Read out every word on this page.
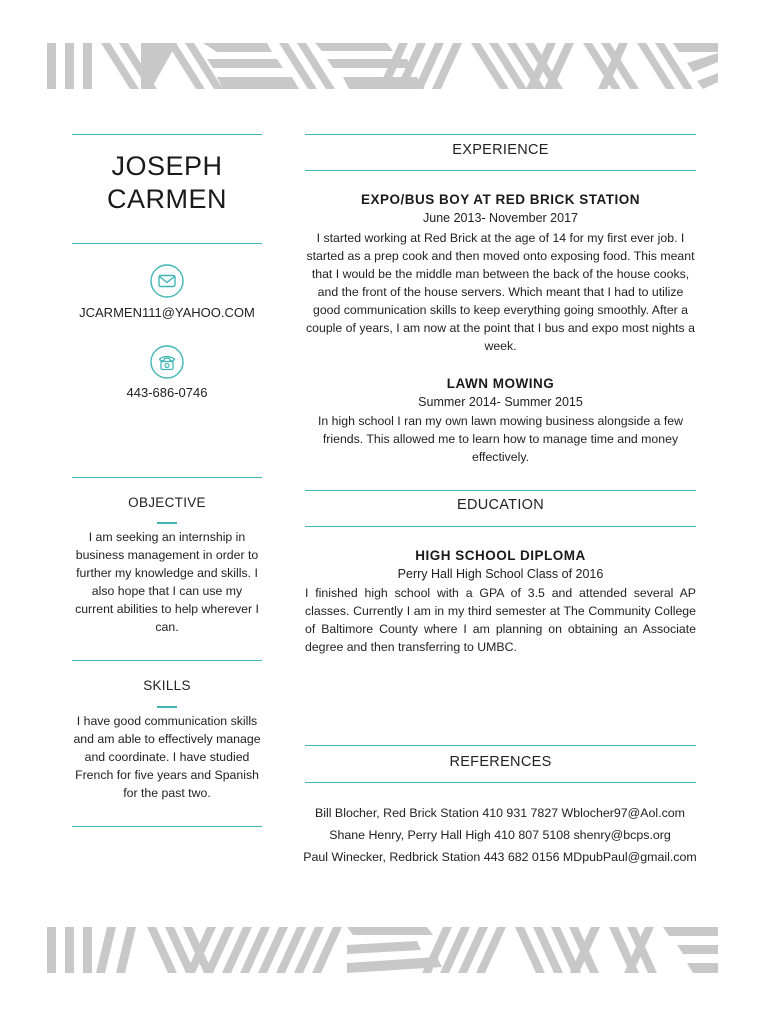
JOSEPH
CARMEN
JCARMEN111@YAHOO.COM
443-686-0746
OBJECTIVE
I am seeking an internship in business management in order to further my knowledge and skills. I also hope that I can use my current abilities to help wherever I can.
SKILLS
I have good communication skills and am able to effectively manage and coordinate. I have studied French for five years and Spanish for the past two.
EXPERIENCE
EXPO/BUS BOY AT RED BRICK STATION
June 2013- November 2017
I started working at Red Brick at the age of 14 for my first ever job. I started as a prep cook and then moved onto exposing food. This meant that I would be the middle man between the back of the house cooks, and the front of the house servers. Which meant that I had to utilize good communication skills to keep everything going smoothly. After a couple of years, I am now at the point that I bus and expo most nights a week.
LAWN MOWING
Summer 2014- Summer 2015
In high school I ran my own lawn mowing business alongside a few friends. This allowed me to learn how to manage time and money effectively.
EDUCATION
HIGH SCHOOL DIPLOMA
Perry Hall High School Class of 2016
I finished high school with a GPA of 3.5 and attended several AP classes. Currently I am in my third semester at The Community College of Baltimore County where I am planning on obtaining an Associate degree and then transferring to UMBC.
REFERENCES
Bill Blocher, Red Brick Station 410 931 7827 Wblocher97@Aol.com
Shane Henry, Perry Hall High 410 807 5108 shenry@bcps.org
Paul Winecker, Redbrick Station 443 682 0156 MDpubPaul@gmail.com
